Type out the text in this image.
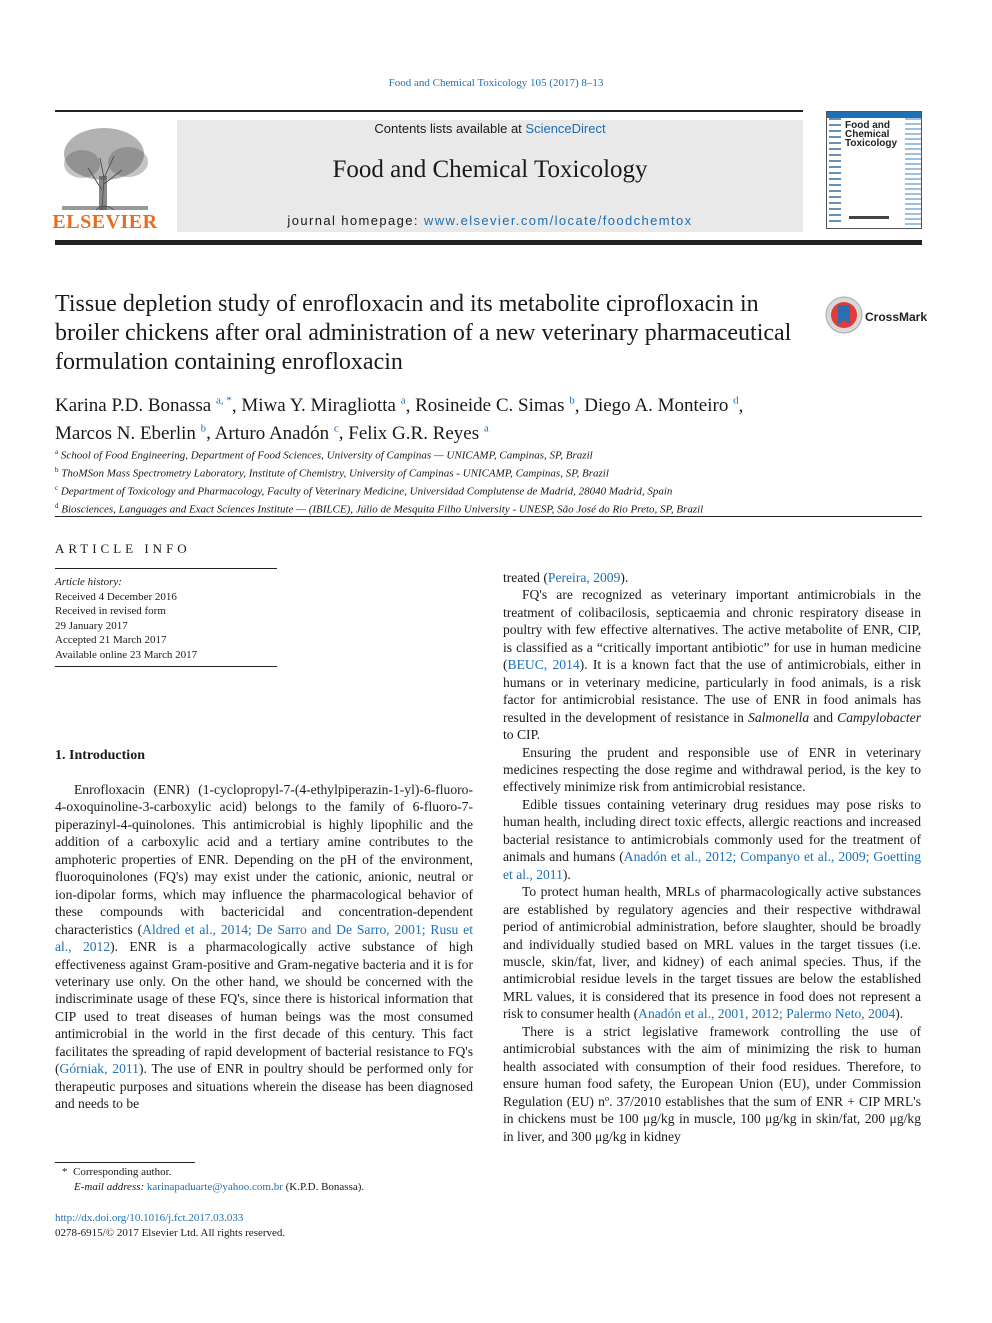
Food and Chemical Toxicology 105 (2017) 8–13
ELSEVIER
Contents lists available at ScienceDirect
Food and Chemical Toxicology
journal homepage: www.elsevier.com/locate/foodchemtox
Food and Chemical Toxicology
Tissue depletion study of enrofloxacin and its metabolite ciprofloxacin in broiler chickens after oral administration of a new veterinary pharmaceutical formulation containing enrofloxacin
CrossMark
Karina P.D. Bonassa $^{a, *}$, Miwa Y. Miragliotta $^a$, Rosineide C. Simas $^b$, Diego A. Monteiro $^d$,
Marcos N. Eberlin $^b$, Arturo Anadón $^c$, Felix G.R. Reyes $^a$
$^a$ School of Food Engineering, Department of Food Sciences, University of Campinas — UNICAMP, Campinas, SP, Brazil
$^b$ ThoMSon Mass Spectrometry Laboratory, Institute of Chemistry, University of Campinas - UNICAMP, Campinas, SP, Brazil
$^c$ Department of Toxicology and Pharmacology, Faculty of Veterinary Medicine, Universidad Complutense de Madrid, 28040 Madrid, Spain
$^d$ Biosciences, Languages and Exact Sciences Institute — (IBILCE), Júlio de Mesquita Filho University - UNESP, São José do Rio Preto, SP, Brazil
ARTICLE INFO
Article history:
Received 4 December 2016
Received in revised form
29 January 2017
Accepted 21 March 2017
Available online 23 March 2017
1. Introduction

Enrofloxacin (ENR) (1-cyclopropyl-7-(4-ethylpiperazin-1-yl)-6-fluoro-4-oxoquinoline-3-carboxylic acid) belongs to the family of 6-fluoro-7-piperazinyl-4-quinolones. This antimicrobial is highly lipophilic and the addition of a carboxylic acid and a tertiary amine contributes to the amphoteric properties of ENR. Depending on the pH of the environment, fluoroquinolones (FQ's) may exist under the cationic, anionic, neutral or ion-dipolar forms, which may influence the pharmacological behavior of these compounds with bactericidal and concentration-dependent characteristics (Aldred et al., 2014; De Sarro and De Sarro, 2001; Rusu et al., 2012). ENR is a pharmacologically active substance of high effectiveness against Gram-positive and Gram-negative bacteria and it is for veterinary use only. On the other hand, we should be concerned with the indiscriminate usage of these FQ's, since there is historical information that CIP used to treat diseases of human beings was the most consumed antimicrobial in the world in the first decade of this century. This fact facilitates the spreading of rapid development of bacterial resistance to FQ's (Górniak, 2011). The use of ENR in poultry should be performed only for therapeutic purposes and situations wherein the disease has been diagnosed and needs to be

treated (Pereira, 2009).

FQ's are recognized as veterinary important antimicrobials in the treatment of colibacilosis, septicaemia and chronic respiratory disease in poultry with few effective alternatives. The active metabolite of ENR, CIP, is classified as a “critically important antibiotic” for use in human medicine (BEUC, 2014). It is a known fact that the use of antimicrobials, either in humans or in veterinary medicine, particularly in food animals, is a risk factor for antimicrobial resistance. The use of ENR in food animals has resulted in the development of resistance in Salmonella and Campylobacter to CIP.

Ensuring the prudent and responsible use of ENR in veterinary medicines respecting the dose regime and withdrawal period, is the key to effectively minimize risk from antimicrobial resistance.

Edible tissues containing veterinary drug residues may pose risks to human health, including direct toxic effects, allergic reactions and increased bacterial resistance to antimicrobials commonly used for the treatment of animals and humans (Anadón et al., 2012; Companyo et al., 2009; Goetting et al., 2011).

To protect human health, MRLs of pharmacologically active substances are established by regulatory agencies and their respective withdrawal period of antimicrobial administration, before slaughter, should be broadly and individually studied based on MRL values in the target tissues (i.e. muscle, skin/fat, liver, and kidney) of each animal species. Thus, if the antimicrobial residue levels in the target tissues are below the established MRL values, it is considered that its presence in food does not represent a risk to consumer health (Anadón et al., 2001, 2012; Palermo Neto, 2004).

There is a strict legislative framework controlling the use of antimicrobial substances with the aim of minimizing the risk to human health associated with consumption of their food residues. Therefore, to ensure human food safety, the European Union (EU), under Commission Regulation (EU) nº. 37/2010 establishes that the sum of ENR + CIP MRL's in chickens must be 100 μg/kg in muscle, 100 μg/kg in skin/fat, 200 μg/kg in liver, and 300 μg/kg in kidney

* Corresponding author.
E-mail address: karinapaduarte@yahoo.com.br (K.P.D. Bonassa).
http://dx.doi.org/10.1016/j.fct.2017.03.033
0278-6915/© 2017 Elsevier Ltd. All rights reserved.
